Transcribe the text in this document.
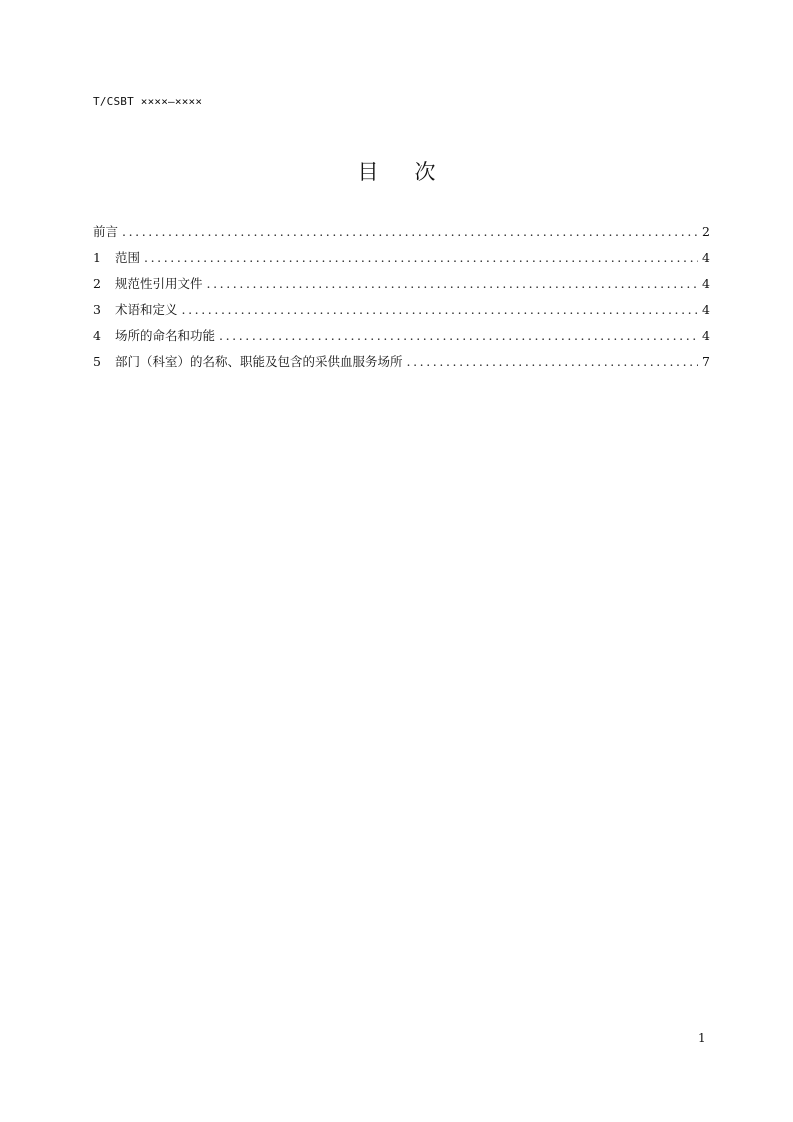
T/CSBT ××××—××××
目次
前言 .....	2
1	范围 .....	4
2	规范性引用文件 .....	4
3	术语和定义 .....	4
4	场所的命名和功能 .....	4
5	部门（科室）的名称、职能及包含的采供血服务场所 .....	7
1
